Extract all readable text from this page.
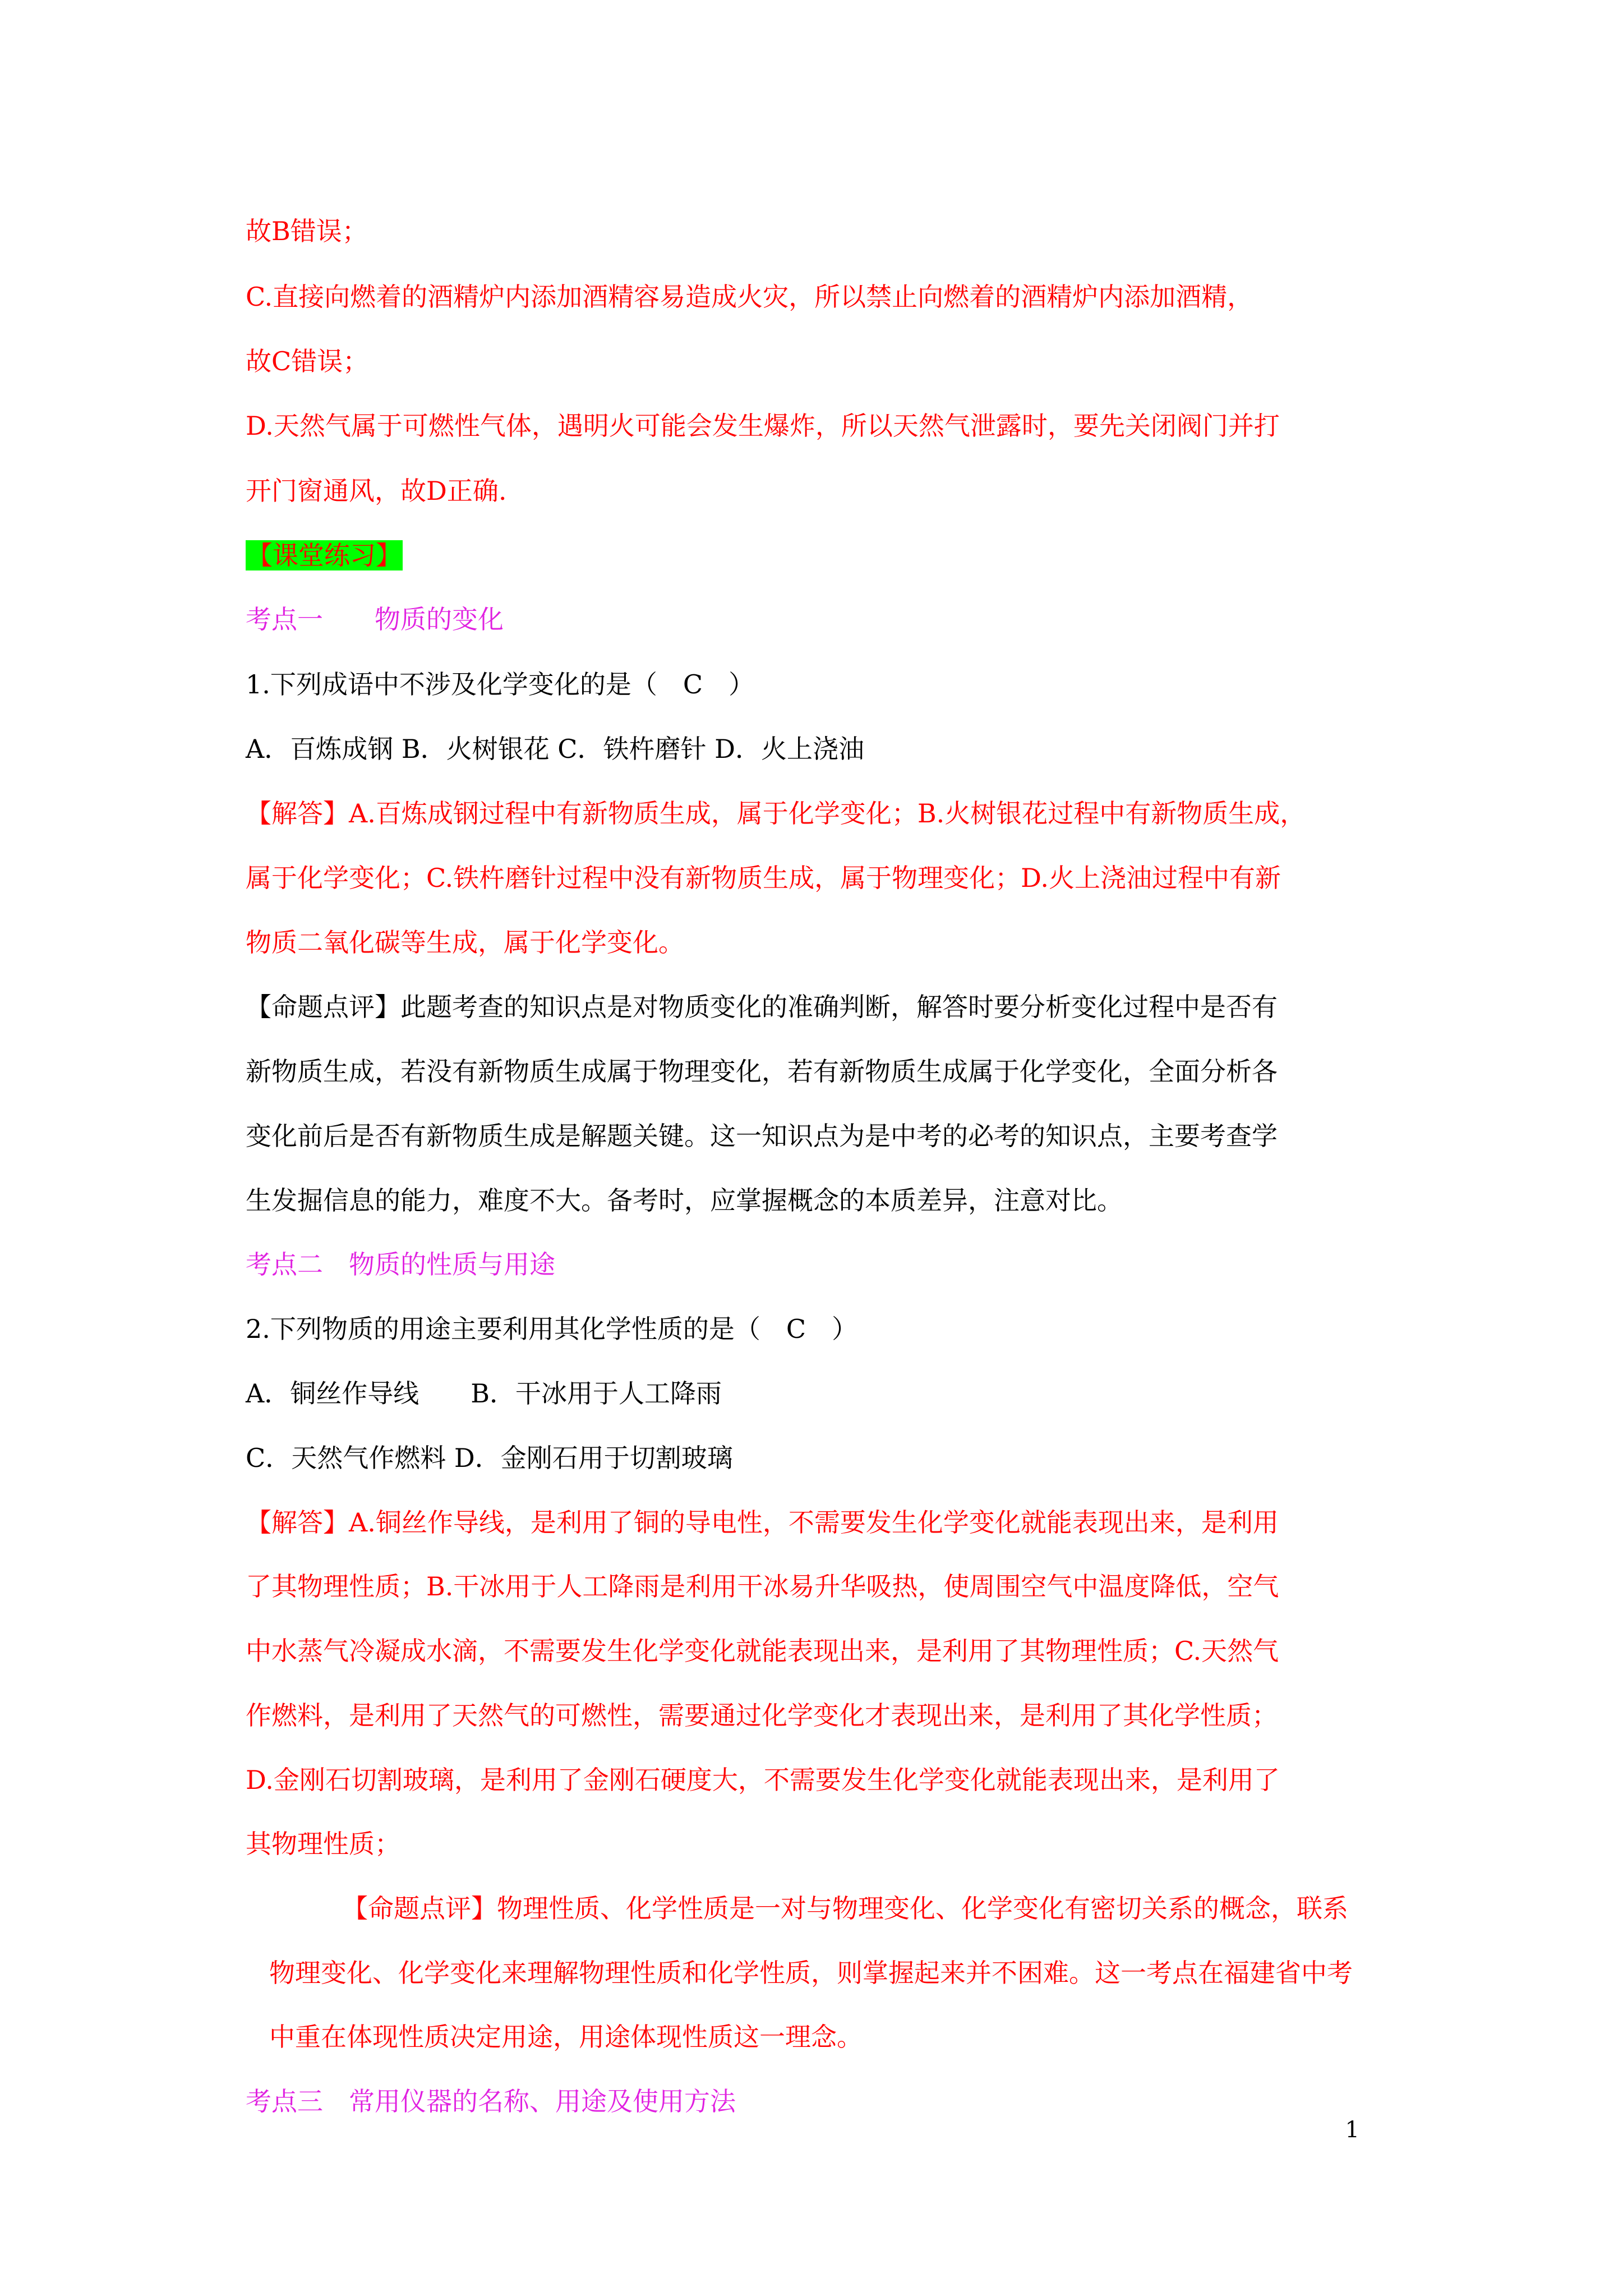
故B错误；
C.直接向燃着的酒精炉内添加酒精容易造成火灾，所以禁止向燃着的酒精炉内添加酒精，
故C错误；
D.天然气属于可燃性气体，遇明火可能会发生爆炸，所以天然气泄露时，要先关闭阀门并打
开门窗通风，故D正确.
【课堂练习】
考点一　　物质的变化
1.下列成语中不涉及化学变化的是（　C　）
A．百炼成钢 B．火树银花 C．铁杵磨针 D．火上浇油
【解答】A.百炼成钢过程中有新物质生成，属于化学变化；B.火树银花过程中有新物质生成，
属于化学变化；C.铁杵磨针过程中没有新物质生成，属于物理变化；D.火上浇油过程中有新
物质二氧化碳等生成，属于化学变化。
【命题点评】此题考查的知识点是对物质变化的准确判断，解答时要分析变化过程中是否有
新物质生成，若没有新物质生成属于物理变化，若有新物质生成属于化学变化，全面分析各
变化前后是否有新物质生成是解题关键。这一知识点为是中考的必考的知识点，主要考查学
生发掘信息的能力，难度不大。备考时，应掌握概念的本质差异，注意对比。
考点二　物质的性质与用途
2.下列物质的用途主要利用其化学性质的是（　C　）
A．铜丝作导线　　B．干冰用于人工降雨
C．天然气作燃料 D．金刚石用于切割玻璃
【解答】A.铜丝作导线，是利用了铜的导电性，不需要发生化学变化就能表现出来，是利用
了其物理性质；B.干冰用于人工降雨是利用干冰易升华吸热，使周围空气中温度降低，空气
中水蒸气冷凝成水滴，不需要发生化学变化就能表现出来，是利用了其物理性质；C.天然气
作燃料，是利用了天然气的可燃性，需要通过化学变化才表现出来，是利用了其化学性质；
D.金刚石切割玻璃，是利用了金刚石硬度大，不需要发生化学变化就能表现出来，是利用了
其物理性质；
【命题点评】物理性质、化学性质是一对与物理变化、化学变化有密切关系的概念，联系
物理变化、化学变化来理解物理性质和化学性质，则掌握起来并不困难。这一考点在福建省中考
中重在体现性质决定用途，用途体现性质这一理念。
考点三　常用仪器的名称、用途及使用方法
1
